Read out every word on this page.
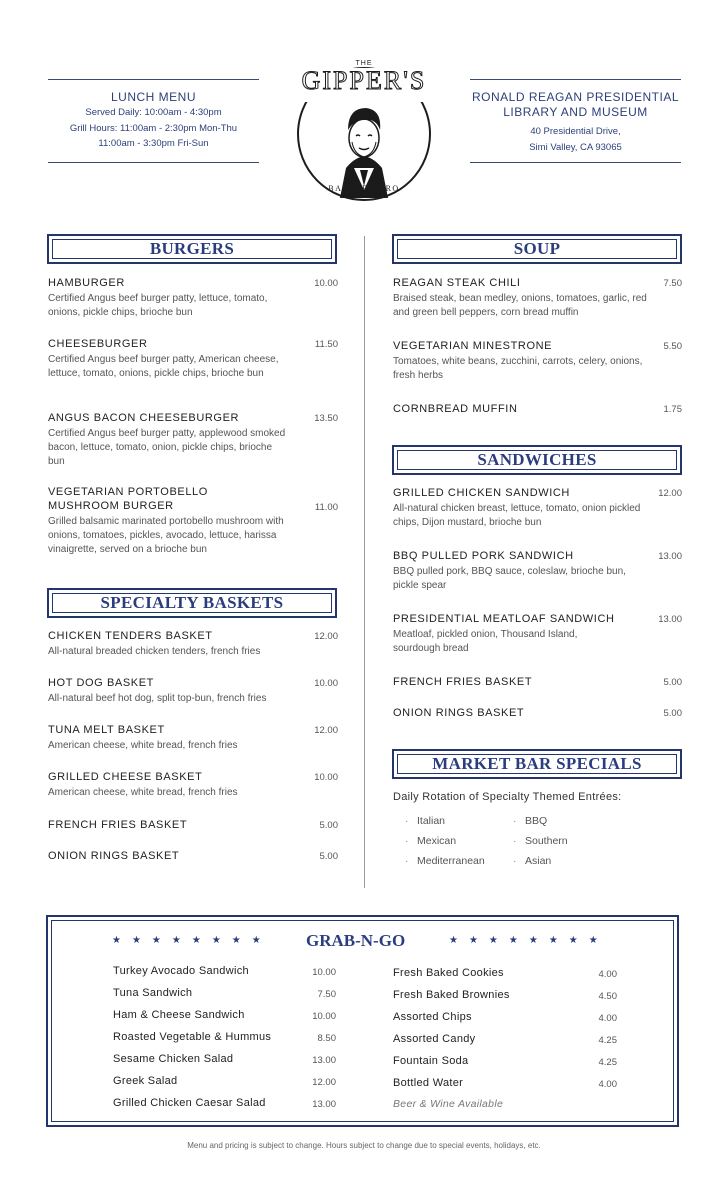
LUNCH MENU
Served Daily: 10:00am - 4:30pm
Grill Hours: 11:00am - 2:30pm Mon-Thu
11:00am - 3:30pm Fri-Sun
RONALD REAGAN PRESIDENTIAL
LIBRARY AND MUSEUM
40 Presidential Drive,
Simi Valley, CA 93065
THE
GIPPER'S
BAR + BISTRO
BURGERS
HAMBURGER	10.00
Certified Angus beef burger patty, lettuce, tomato, onions, pickle chips, brioche bun
CHEESEBURGER	11.50
Certified Angus beef burger patty, American cheese, lettuce, tomato, onions, pickle chips, brioche bun
ANGUS BACON CHEESEBURGER	13.50
Certified Angus beef burger patty, applewood smoked bacon, lettuce, tomato, onion, pickle chips, brioche bun
VEGETARIAN PORTOBELLO MUSHROOM BURGER	11.00
Grilled balsamic marinated portobello mushroom with onions, tomatoes, pickles, avocado, lettuce, harissa vinaigrette, served on a brioche bun
SPECIALTY BASKETS
CHICKEN TENDERS BASKET	12.00
All-natural breaded chicken tenders, french fries
HOT DOG BASKET	10.00
All-natural beef hot dog, split top-bun, french fries
TUNA MELT BASKET	12.00
American cheese, white bread, french fries
GRILLED CHEESE BASKET	10.00
American cheese, white bread, french fries
FRENCH FRIES BASKET	5.00
ONION RINGS BASKET	5.00
SOUP
REAGAN STEAK CHILI	7.50
Braised steak, bean medley, onions, tomatoes, garlic, red and green bell peppers, corn bread muffin
VEGETARIAN MINESTRONE	5.50
Tomatoes, white beans, zucchini, carrots, celery, onions, fresh herbs
CORNBREAD MUFFIN	1.75
SANDWICHES
GRILLED CHICKEN SANDWICH	12.00
All-natural chicken breast, lettuce, tomato, onion pickled chips, Dijon mustard, brioche bun
BBQ PULLED PORK SANDWICH	13.00
BBQ pulled pork, BBQ sauce, coleslaw, brioche bun, pickle spear
PRESIDENTIAL MEATLOAF SANDWICH	13.00
Meatloaf, pickled onion, Thousand Island, sourdough bread
FRENCH FRIES BASKET	5.00
ONION RINGS BASKET	5.00
MARKET BAR SPECIALS
Daily Rotation of Specialty Themed Entrées:
· Italian
· Mexican
· Mediterranean
· BBQ
· Southern
· Asian
★★★★★★★★ GRAB-N-GO	★★★★★★★★
Turkey Avocado Sandwich	10.00
Tuna Sandwich	7.50
Ham & Cheese Sandwich	10.00
Roasted Vegetable & Hummus	8.50
Sesame Chicken Salad	13.00
Greek Salad	12.00
Grilled Chicken Caesar Salad	13.00
Fresh Baked Cookies	4.00
Fresh Baked Brownies	4.50
Assorted Chips	4.00
Assorted Candy	4.25
Fountain Soda	4.25
Bottled Water	4.00
Beer & Wine Available
Menu and pricing is subject to change. Hours subject to change due to special events, holidays, etc.
